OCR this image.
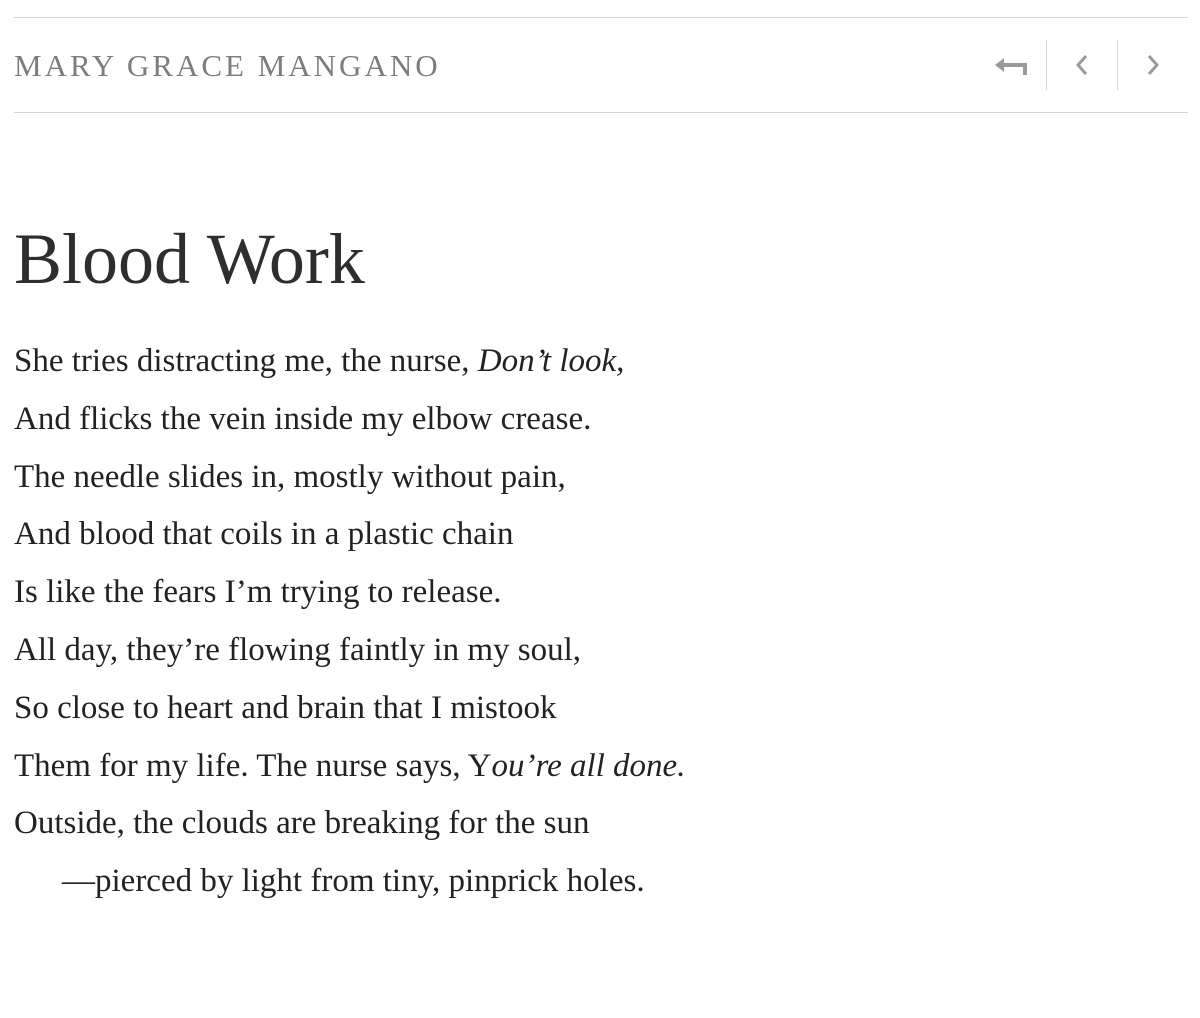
MARY GRACE MANGANO
Blood Work
She tries distracting me, the nurse, Don’t look,
And flicks the vein inside my elbow crease.
The needle slides in, mostly without pain,
And blood that coils in a plastic chain
Is like the fears I’m trying to release.
All day, they’re flowing faintly in my soul,
So close to heart and brain that I mistook
Them for my life. The nurse says, You’re all done.
Outside, the clouds are breaking for the sun
—pierced by light from tiny, pinprick holes.
